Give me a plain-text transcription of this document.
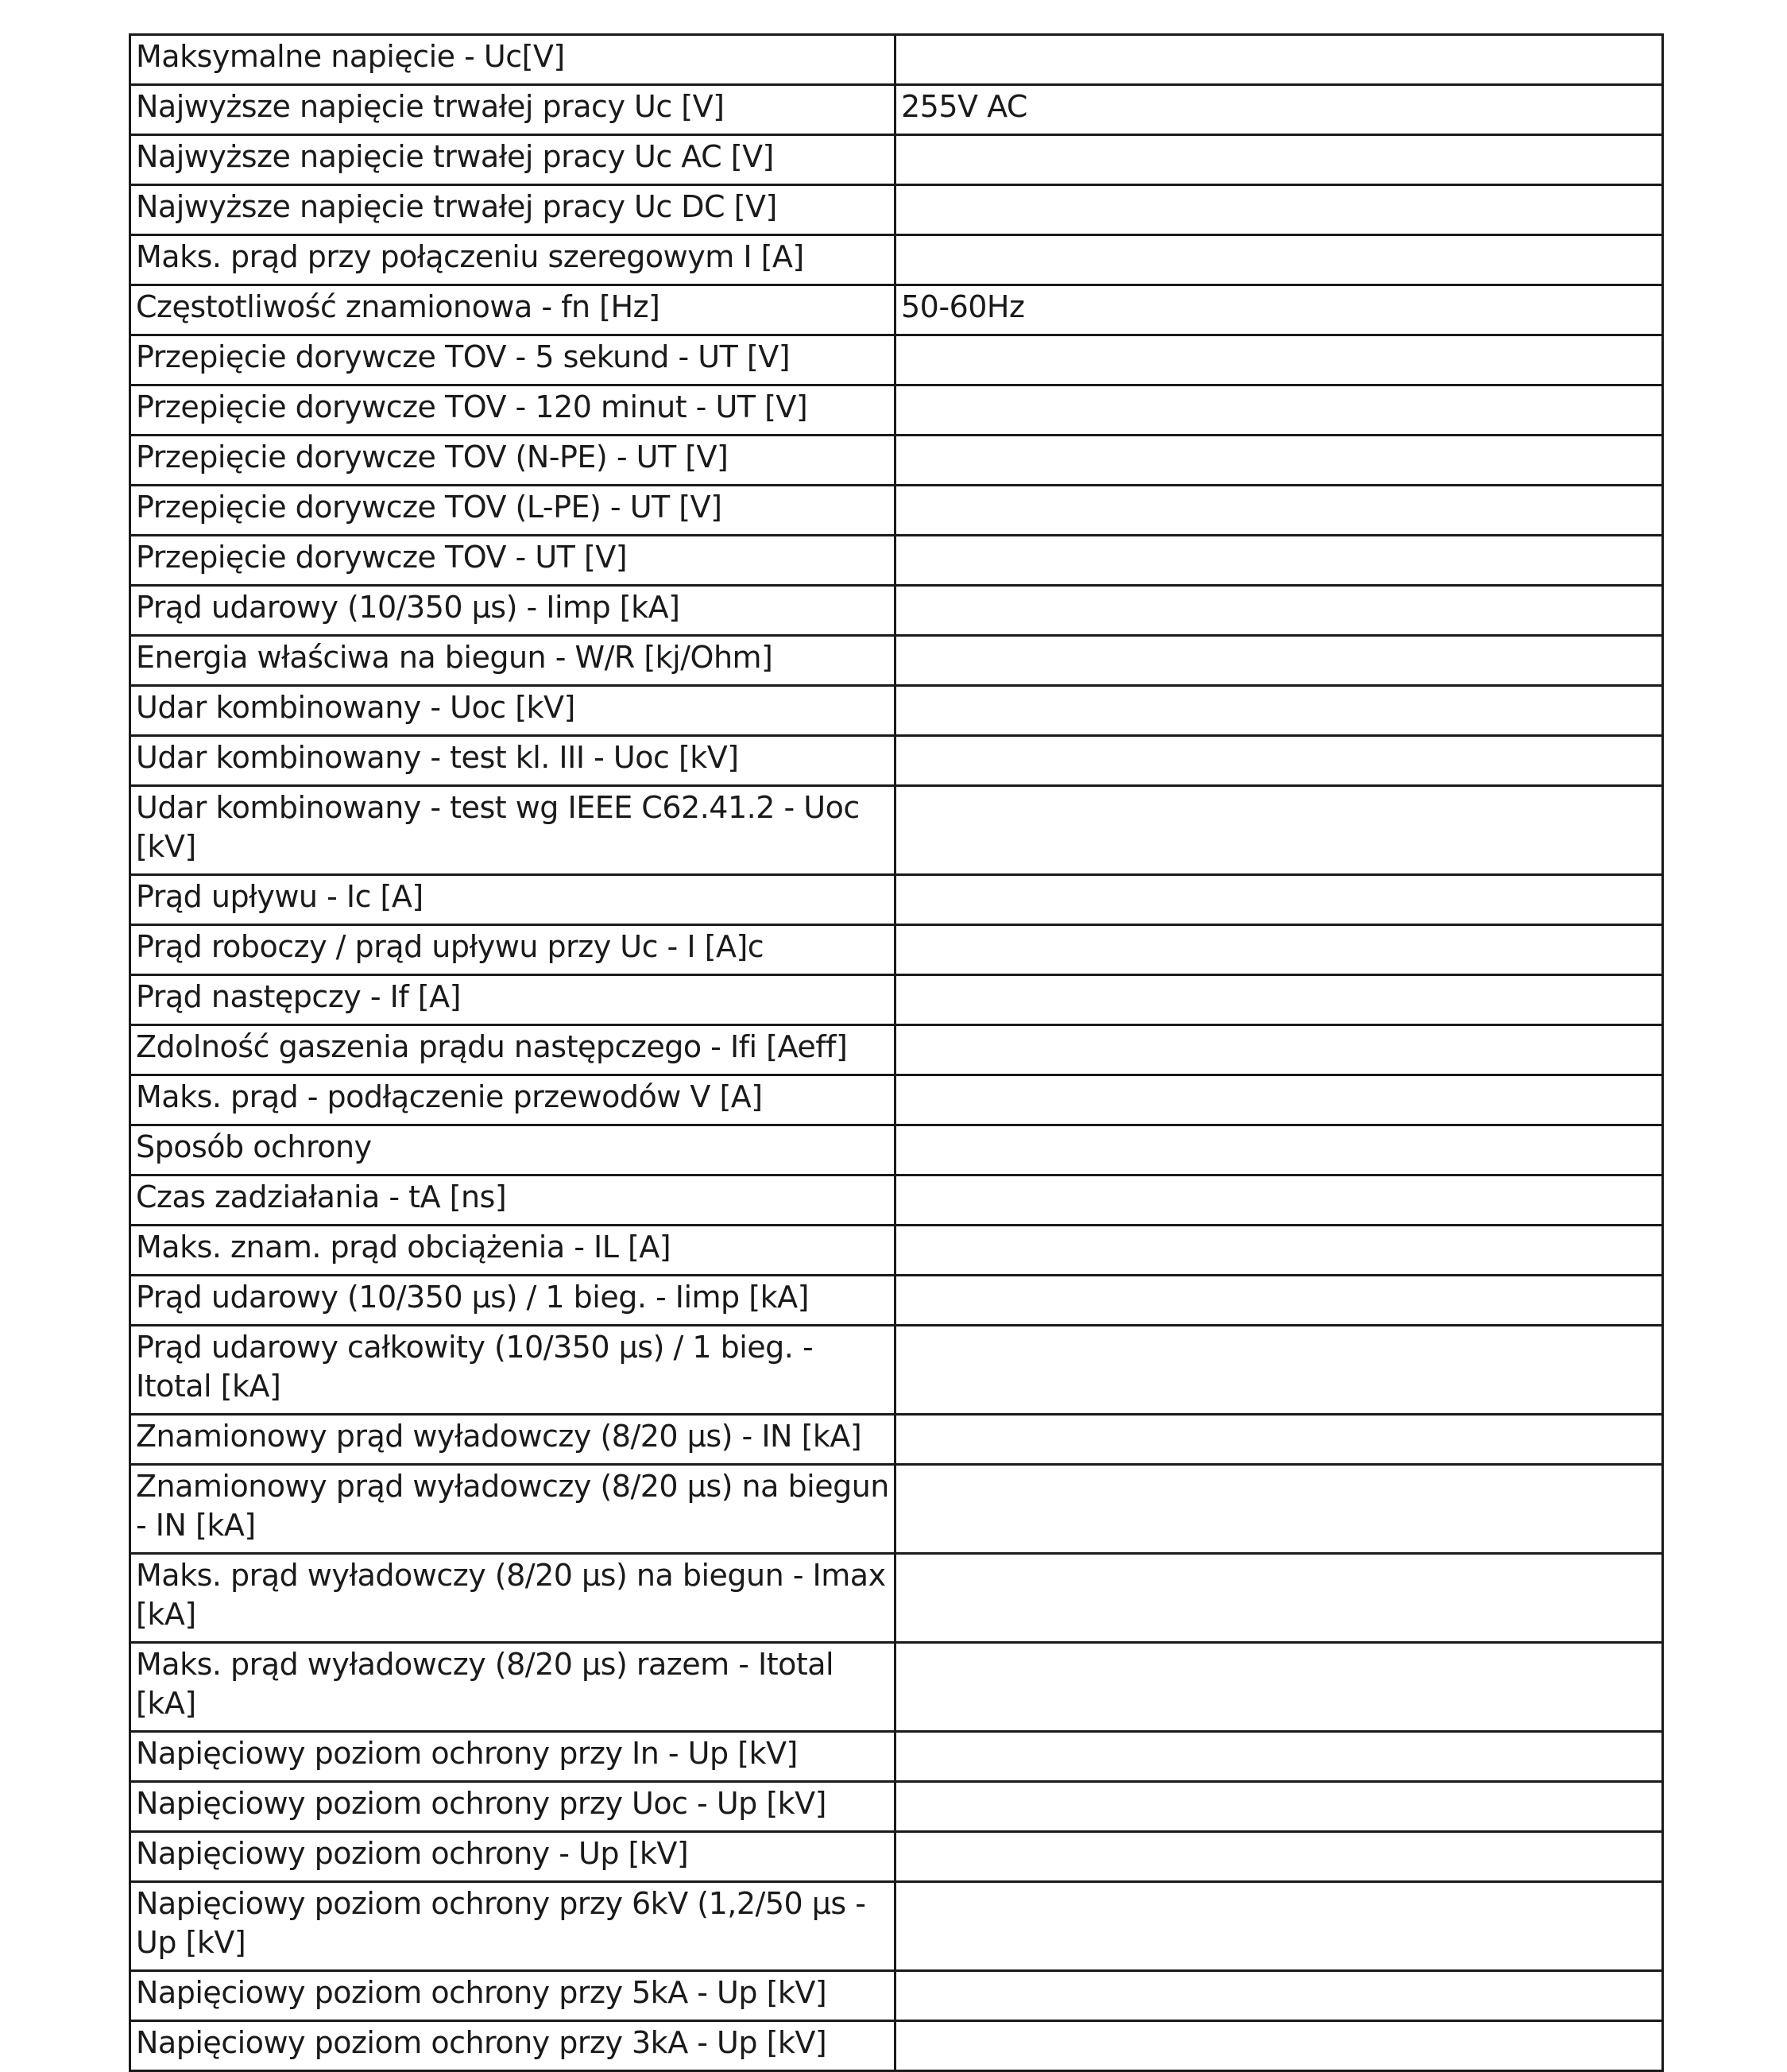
Maksymalne napięcie - Uc[V]	
Najwyższe napięcie trwałej pracy Uc [V]	255V AC
Najwyższe napięcie trwałej pracy Uc AC [V]	
Najwyższe napięcie trwałej pracy Uc DC [V]	
Maks. prąd przy połączeniu szeregowym I [A]	
Częstotliwość znamionowa - fn [Hz]	50-60Hz
Przepięcie dorywcze TOV - 5 sekund - UT [V]	
Przepięcie dorywcze TOV - 120 minut - UT [V]	
Przepięcie dorywcze TOV (N-PE) - UT [V]	
Przepięcie dorywcze TOV (L-PE) - UT [V]	
Przepięcie dorywcze TOV - UT [V]	
Prąd udarowy (10/350 µs) - Iimp [kA]	
Energia właściwa na biegun - W/R [kj/Ohm]	
Udar kombinowany - Uoc [kV]	
Udar kombinowany - test kl. III - Uoc [kV]	
Udar kombinowany - test wg IEEE C62.41.2 - Uoc [kV]	
Prąd upływu - Ic [A]	
Prąd roboczy / prąd upływu przy Uc - I [A]c	
Prąd następczy - If [A]	
Zdolność gaszenia prądu następczego - Ifi [Aeff]	
Maks. prąd - podłączenie przewodów V [A]	
Sposób ochrony	
Czas zadziałania - tA [ns]	
Maks. znam. prąd obciążenia - IL [A]	
Prąd udarowy (10/350 µs) / 1 bieg. - Iimp [kA]	
Prąd udarowy całkowity (10/350 µs) / 1 bieg. - Itotal [kA]	
Znamionowy prąd wyładowczy (8/20 µs) - IN [kA]	
Znamionowy prąd wyładowczy (8/20 µs) na biegun - IN [kA]	
Maks. prąd wyładowczy (8/20 µs) na biegun - Imax [kA]	
Maks. prąd wyładowczy (8/20 µs) razem - Itotal [kA]	
Napięciowy poziom ochrony przy In - Up [kV]	
Napięciowy poziom ochrony przy Uoc - Up [kV]	
Napięciowy poziom ochrony - Up [kV]	
Napięciowy poziom ochrony przy 6kV (1,2/50 µs - Up [kV]	
Napięciowy poziom ochrony przy 5kA - Up [kV]	
Napięciowy poziom ochrony przy 3kA - Up [kV]	
